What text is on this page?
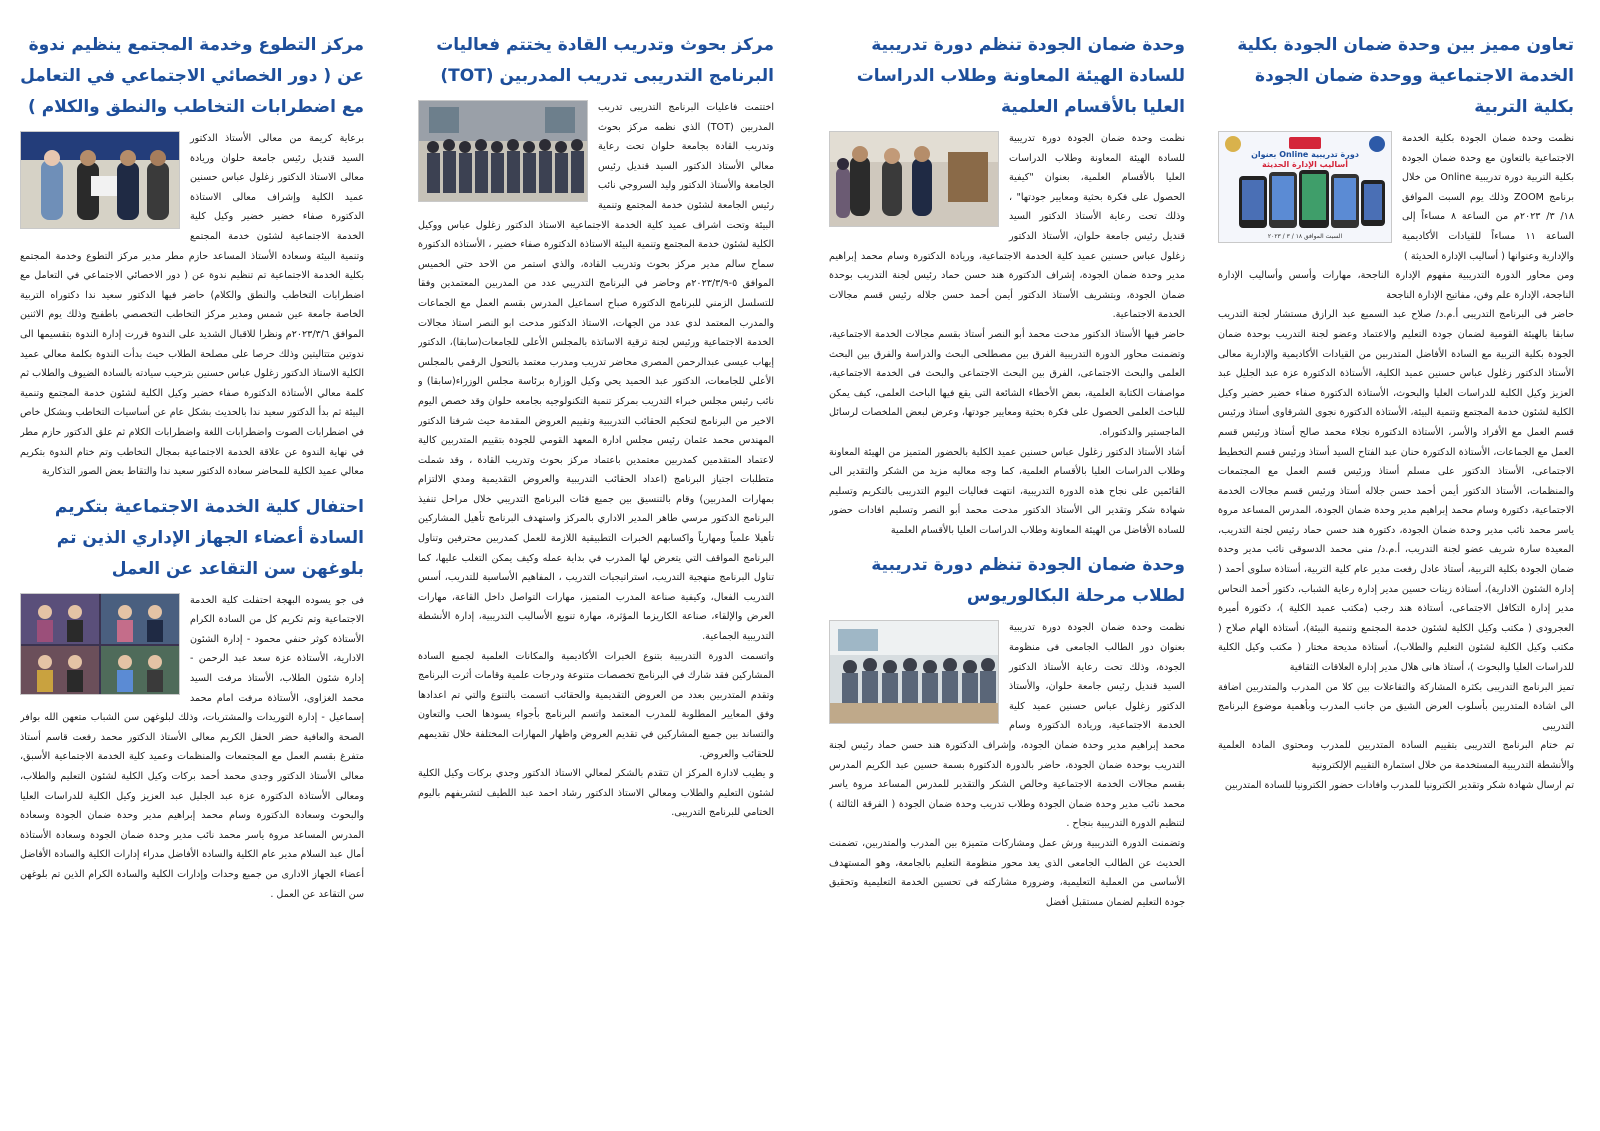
تعاون مميز بين وحدة ضمان الجودة بكلية الخدمة الاجتماعية ووحدة ضمان الجودة بكلية التربية
دورة تدريبية Online بعنوان
أساليب الإدارة الحديثة
السبت الموافق ١٨ / ٣ / ٢٠٢٣

نظمت وحدة ضمان الجودة بكلية الخدمة الاجتماعية بالتعاون مع وحدة ضمان الجودة بكلية التربية دورة تدريبية Online من خلال برنامج ZOOM وذلك يوم السبت الموافق ١٨/ ٣/ ٢٠٢٣م من الساعة ٨ مساءاً إلى الساعة ١١ مساءاً للقيادات الأكاديمية والإدارية وعنوانها ( أساليب الإدارة الحديثة )

ومن محاور الدورة التدريبية مفهوم الإدارة الناجحة، مهارات وأسس وأساليب الإدارة الناجحة، الإدارة علم وفن، مفاتيح الإدارة الناجحة

حاضر فى البرنامج التدريبى أ.م.د/ صلاح عبد السميع عبد الرازق مستشار لجنة التدريب سابقا بالهيئة القومية لضمان جودة التعليم والاعتماد وعضو لجنة التدريب بوحدة ضمان الجودة بكلية التربية مع السادة الأفاضل المتدربين من القيادات الأكاديمية والإدارية معالى الأستاذ الدكتور زغلول عباس حسنين عميد الكلية، الأستاذة الدكتورة عزة عبد الجليل عبد العزيز وكيل الكلية للدراسات العليا والبحوث، الأستاذة الدكتورة صفاء خضير خضير وكيل الكلية لشئون خدمة المجتمع وتنمية البيئة، الأستاذة الدكتورة نجوى الشرقاوى أستاذ ورئيس قسم العمل مع الأفراد والأسر، الأستاذة الدكتورة نجلاء محمد صالح أستاذ ورئيس قسم العمل مع الجماعات، الأستاذة الدكتورة حنان عبد الفتاح السيد أستاذ ورئيس قسم التخطيط الاجتماعى، الأستاذ الدكتور على مسلم أستاذ ورئيس قسم العمل مع المجتمعات والمنظمات، الأستاذ الدكتور أيمن أحمد حسن جلاله أستاذ ورئيس قسم مجالات الخدمة الاجتماعية، دكتورة وسام محمد إبراهيم مدير وحدة ضمان الجودة، المدرس المساعد مروة ياسر محمد نائب مدير وحدة ضمان الجودة، دكتورة هند حسن حماد رئيس لجنة التدريب، المعيدة سارة شريف عضو لجنة التدريب، أ.م.د/ منى محمد الدسوقى نائب مدير وحدة ضمان الجودة بكلية التربية، أستاذ عادل رفعت مدير عام كلية التربية، أستاذة سلوى أحمد ( إدارة الشئون الادارية)، أستاذة زينات حسين مدير إدارة رعاية الشباب، دكتور أحمد النحاس مدير إدارة التكافل الاجتماعى، أستاذة هند رجب (مكتب عميد الكلية )، دكتورة أميرة العجرودى ( مكتب وكيل الكلية لشئون خدمة المجتمع وتنمية البيئة)، أستاذة الهام صلاح ( مكتب وكيل الكلية لشئون التعليم والطلاب)، أستاذة مديحة مختار ( مكتب وكيل الكلية للدراسات العليا والبحوث )، أستاذ هانى هلال مدير إدارة العلاقات الثقافية

تميز البرنامج التدريبى بكثرة المشاركة والتفاعلات بين كلا من المدرب والمتدربين اضافة الى اشادة المتدربين بأسلوب العرض الشيق من جانب المدرب وبأهمية موضوع البرنامج التدريبى

تم ختام البرنامج التدريبى بتقييم السادة المتدربين للمدرب ومحتوى المادة العلمية والأنشطة التدريبية المستخدمة من خلال استمارة التقييم الإلكترونية

تم ارسال شهادة شكر وتقدير الكترونيا للمدرب وافادات حضور الكترونيا للسادة المتدربين

وحدة ضمان الجودة تنظم دورة تدريبية للسادة الهيئة المعاونة وطلاب الدراسات العليا بالأقسام العلمية

نظمت وحدة ضمان الجودة دورة تدريبية للسادة الهيئة المعاونة وطلاب الدراسات العليا بالأقسام العلمية، بعنوان "كيفية الحصول على فكرة بحثية ومعايير جودتها" ، وذلك تحت رعاية الأستاذ الدكتور السيد قنديل رئيس جامعة حلوان، الأستاذ الدكتور زغلول عباس حسنين عميد كلية الخدمة الاجتماعية، وريادة الدكتورة وسام محمد إبراهيم مدير وحدة ضمان الجودة، إشراف الدكتورة هند حسن حماد رئيس لجنة التدريب بوحدة ضمان الجودة، وبتشريف الأستاذ الدكتور أيمن أحمد حسن جلاله رئيس قسم مجالات الخدمة الاجتماعية.

حاضر فيها الأستاذ الدكتور مدحت محمد أبو النصر أستاذ بقسم مجالات الخدمة الاجتماعية، وتضمنت محاور الدورة التدريبية الفرق بين مصطلحى البحث والدراسة والفرق بين البحث العلمى والبحث الاجتماعى، الفرق بين البحث الاجتماعى والبحث فى الخدمة الاجتماعية، مواصفات الكتابة العلمية، بعض الأخطاء الشائعة التى يقع فيها الباحث العلمى، كيف يمكن للباحث العلمى الحصول على فكرة بحثية ومعايير جودتها، وعرض لبعض الملخصات لرسائل الماجستير والدكتوراه.

أشاد الأستاذ الدكتور زغلول عباس حسنين عميد الكلية بالحضور المتميز من الهيئة المعاونة وطلاب الدراسات العليا بالأقسام العلمية، كما وجه معاليه مزيد من الشكر والتقدير الى القائمين على نجاح هذه الدورة التدريبية، انتهت فعاليات اليوم التدريبى بالتكريم وتسليم شهادة شكر وتقدير الى الأستاذ الدكتور مدحت محمد أبو النصر وتسليم افادات حضور للسادة الأفاضل من الهيئة المعاونة وطلاب الدراسات العليا بالأقسام العلمية

وحدة ضمان الجودة تنظم دورة تدريبية لطلاب مرحلة البكالوريوس

نظمت وحدة ضمان الجودة دورة تدريبية بعنوان دور الطالب الجامعى فى منظومة الجودة، وذلك تحت رعاية الأستاذ الدكتور السيد قنديل رئيس جامعة حلوان، والأستاذ الدكتور زغلول عباس حسنين عميد كلية الخدمة الاجتماعية، وريادة الدكتورة وسام محمد إبراهيم مدير وحدة ضمان الجودة، وإشراف الدكتورة هند حسن حماد رئيس لجنة التدريب بوحدة ضمان الجودة، حاضر بالدورة الدكتورة بسمة حسين عبد الكريم المدرس بقسم مجالات الخدمة الاجتماعية وخالص الشكر والتقدير للمدرس المساعد مروة ياسر محمد نائب مدير وحدة ضمان الجودة وطلاب تدريب وحدة ضمان الجودة ( الفرقة الثالثة ) لتنظيم الدورة التدريبية بنجاح .

وتضمنت الدورة التدريبية ورش عمل ومشاركات متميزة بين المدرب والمتدربين، تضمنت الحديث عن الطالب الجامعى الذى يعد محور منظومة التعليم بالجامعة، وهو المستهدف الأساسى من العملية التعليمية، وضرورة مشاركته فى تحسين الخدمة التعليمية وتحقيق جودة التعليم لضمان مستقبل أفضل

مركز بحوث وتدريب القادة يختتم فعاليات البرنامج التدريبى تدريب المدربين (TOT)

اختتمت فاعليات البرنامج التدريبى تدريب المدربين (TOT) الذي نظمه مركز بحوث وتدريب القادة بجامعة حلوان تحت رعاية معالي الأستاذ الدكتور السيد قنديل رئيس الجامعة والأستاذ الدكتور وليد السروجي نائب رئيس الجامعة لشئون خدمة المجتمع وتنمية البيئة وتحت اشراف عميد كلية الخدمة الاجتماعية الاستاذ الدكتور زغلول عباس ووكيل الكلية لشئون خدمة المجتمع وتنمية البيئة الاستاذة الدكتورة صفاء خضير ، الأستاذة الدكتورة سماح سالم مدير مركز بحوث وتدريب القادة، والذي استمر من الاحد حتي الخميس الموافق ٥-٢٠٢٣/٣/٩م وحاضر في البرنامج التدريبي عدد من المدربين المعتمدين وفقا للتسلسل الزمني للبرنامج الدكتورة صباح اسماعيل المدرس بقسم العمل مع الجماعات والمدرب المعتمد لدي عدد من الجهات، الاستاذ الدكتور مدحت ابو النصر استاذ مجالات الخدمة الاجتماعية ورئيس لجنة ترقية الاساتذة بالمجلس الأعلى للجامعات(سابقا)، الدكتور إيهاب عيسى عبدالرحمن المصرى محاضر تدريب ومدرب معتمد بالتحول الرقمي بالمجلس الأعلي للجامعات، الدكتور عبد الحميد يحي وكيل الوزارة برئاسة مجلس الوزراء(سابقا) و نائب رئيس مجلس خبراء التدريب بمركز تنمية التكنولوجيه بجامعه حلوان وقد خصص اليوم الاخير من البرنامج لتحكيم الحقائب التدريبية وتقييم العروض المقدمة حيث شرفنا الدكتور المهندس محمد عثمان رئيس مجلس ادارة المعهد القومي للجودة بتقييم المتدربين كالية لاعتماد المتقدمين كمدربين معتمدين باعتماد مركز بحوث وتدريب القادة ، وقد شملت متطلبات اجتياز البرنامج (اعداد الحقائب التدريبية والعروض التقديمية ومدي الالتزام بمهارات المدربين) وقام بالتنسيق بين جميع فئات البرنامج التدريبي خلال مراحل تنفيذ البرنامج الدكتور مرسي طاهر المدير الاداري بالمركز واستهدف البرنامج تأهيل المشاركين تأهيلا علمياً ومهارياً واكسابهم الخبرات التطبيقية اللازمة للعمل كمدربين محترفين وتناول البرنامج المواقف التي يتعرض لها المدرب في بداية عمله وكيف يمكن التغلب عليها، كما تناول البرنامج منهجية التدريب، استراتيجيات التدريب ، المفاهيم الأساسية للتدريب، أسس التدريب الفعال، وكيفية صناعة المدرب المتميز، مهارات التواصل داخل القاعة، مهارات العرض والإلقاء، صناعة الكاريزما المؤثرة، مهارة تنويع الأساليب التدريبية، إدارة الأنشطة التدريبية الجماعية.

واتسمت الدورة التدريبية بتنوع الخبرات الأكاديمية والمكانات العلمية لجميع السادة المشاركين فقد شارك في البرنامج تخصصات متنوعة ودرجات علمية وقامات أثرت البرنامج وتقدم المتدربين بعدد من العروض التقديمية والحقائب اتسمت بالتنوع والتي تم اعدادها وفق المعايير المطلوبة للمدرب المعتمد واتسم البرنامج بأجواء يسودها الحب والتعاون والتساند بين جميع المشاركين في تقديم العروض واظهار المهارات المختلفة خلال تقديمهم للحقائب والعروض.

و يطيب لادارة المركز ان تتقدم بالشكر لمعالي الاستاذ الدكتور وجدي بركات وكيل الكلية لشئون التعليم والطلاب ومعالي الاستاذ الدكتور رشاد احمد عبد اللطيف لتشريفهم باليوم الختامي للبرنامج التدريبى.

مركز التطوع وخدمة المجتمع ينظيم ندوة عن ( دور الخصائي الاجتماعي في التعامل مع اضطرابات التخاطب والنطق والكلام )

برعاية كريمة من معالى الأستاذ الدكتور السيد قنديل رئيس جامعة حلوان وريادة معالى الاستاذ الدكتور زغلول عباس حسنين عميد الكلية وإشراف معالى الاستاذة الدكتورة صفاء خضير خضير وكيل كلية الخدمة الاجتماعية لشئون خدمة المجتمع وتنمية البيئة وسعادة الأستاذ المساعد حازم مطر مدير مركز التطوع وخدمة المجتمع بكلية الخدمة الاجتماعية تم تنظيم ندوة عن ( دور الاخصائي الاجتماعي في التعامل مع اضطرابات التخاطب والنطق والكلام) حاضر فيها الدكتور سعيد ندا دكتوراه التربية الخاصة جامعة عين شمس ومدير مركز التخاطب التخصصي باطفيح وذلك يوم الاثنين الموافق ٢٠٢٣/٣/٦م ونظرا للاقبال الشديد على الندوة قررت إدارة الندوة بتقسيمها الى ندوتين متتاليتين وذلك حرصا على مصلحة الطلاب حيث بدأت الندوة بكلمة معالي عميد الكلية الاستاذ الدكتور زغلول عباس حسنين بترحيب سيادته بالسادة الضيوف والطلاب ثم كلمة معالي الأستاذة الدكتورة صفاء خضير وكيل الكلية لشئون خدمة المجتمع وتنمية البيئة ثم بدأ الدكتور سعيد ندا بالحديث بشكل عام عن أساسيات التخاطب وبشكل خاص في اضطرابات الصوت واضطرابات اللغة واضطرابات الكلام ثم علق الدكتور حازم مطر في نهاية الندوة عن علاقة الخدمة الاجتماعية بمجال التخاطب وتم ختام الندوة بتكريم معالي عميد الكلية للمحاضر سعادة الدكتور سعيد ندا والتقاط بعض الصور التذكارية

احتفال كلية الخدمة الاجتماعية بتكريم السادة أعضاء الجهاز الإداري الذين تم بلوغهن سن التقاعد عن العمل

فى جو يسوده البهجة احتفلت كلية الخدمة الاجتماعية وتم تكريم كل من السادة الكرام الأستاذة كوثر حنفي محمود - إدارة الشئون الادارية، الأستاذة عزة سعد عبد الرحمن - إدارة شئون الطلاب، الأستاذ مرفت السيد محمد الغزاوى، الأستاذة مرفت امام محمد إسماعيل - إدارة التوريدات والمشتريات، وذلك لبلوغهن سن الشباب متعهن الله بوافر الصحة والعافية حضر الحفل الكريم معالى الأستاذ الدكتور محمد رفعت قاسم أستاذ متفرغ بقسم العمل مع المجتمعات والمنظمات وعميد كلية الخدمة الاجتماعية الأسبق، معالى الأستاذ الدكتور وجدى محمد أحمد بركات وكيل الكلية لشئون التعليم والطلاب، ومعالى الأستاذة الدكتورة عزة عبد الجليل عبد العزيز وكيل الكلية للدراسات العليا والبحوث وسعادة الدكتورة وسام محمد إبراهيم مدير وحدة ضمان الجودة وسعادة المدرس المساعد مروة ياسر محمد نائب مدير وحدة ضمان الجودة وسعادة الأستاذة أمال عبد السلام مدير عام الكلية والسادة الأفاضل مدراء إدارات الكلية والسادة الأفاضل أعضاء الجهاز الادارى من جميع وحدات وإدارات الكلية والسادة الكرام الذين تم بلوغهن سن التقاعد عن العمل .
